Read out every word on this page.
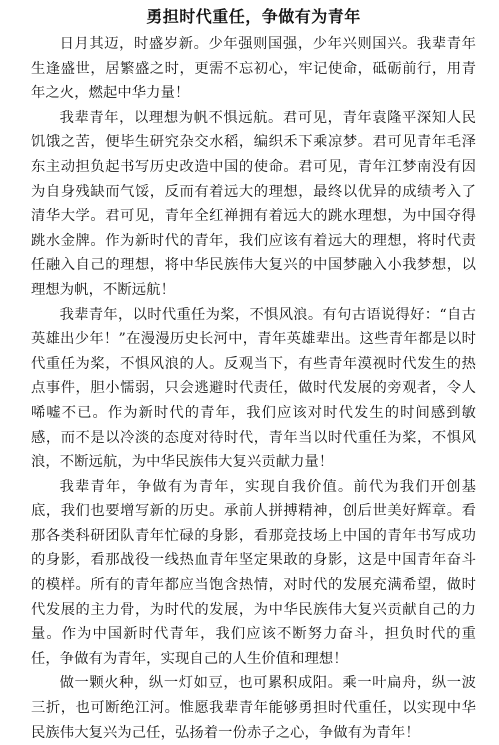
勇担时代重任，争做有为青年

日月其迈，时盛岁新。少年强则国强，少年兴则国兴。我辈青年生逢盛世，居繁盛之时，更需不忘初心，牢记使命，砥砺前行，用青年之火，燃起中华力量！

我辈青年，以理想为帆不惧远航。君可见，青年袁隆平深知人民饥饿之苦，便毕生研究杂交水稻，编织禾下乘凉梦。君可见青年毛泽东主动担负起书写历史改造中国的使命。君可见，青年江梦南没有因为自身残缺而气馁，反而有着远大的理想，最终以优异的成绩考入了清华大学。君可见，青年全红禅拥有着远大的跳水理想，为中国夺得跳水金牌。作为新时代的青年，我们应该有着远大的理想，将时代责任融入自己的理想，将中华民族伟大复兴的中国梦融入小我梦想，以理想为帆，不断远航！

我辈青年，以时代重任为桨，不惧风浪。有句古语说得好：“自古英雄出少年！”在漫漫历史长河中，青年英雄辈出。这些青年都是以时代重任为桨，不惧风浪的人。反观当下，有些青年漠视时代发生的热点事件，胆小懦弱，只会逃避时代责任，做时代发展的旁观者，令人唏嘘不已。作为新时代的青年，我们应该对时代发生的时间感到敏感，而不是以冷淡的态度对待时代，青年当以时代重任为桨，不惧风浪，不断远航，为中华民族伟大复兴贡献力量！

我辈青年，争做有为青年，实现自我价值。前代为我们开创基底，我们也要增写新的历史。承前人拼搏精神，创后世美好辉章。看那各类科研团队青年忙碌的身影，看那竞技场上中国的青年书写成功的身影，看那战役一线热血青年坚定果敢的身影，这是中国青年奋斗的模样。所有的青年都应当饱含热情，对时代的发展充满希望，做时代发展的主力骨，为时代的发展，为中华民族伟大复兴贡献自己的力量。作为中国新时代青年，我们应该不断努力奋斗，担负时代的重任，争做有为青年，实现自己的人生价值和理想！

做一颗火种，纵一灯如豆，也可累积成阳。乘一叶扁舟，纵一波三折，也可断绝江河。惟愿我辈青年能够勇担时代重任，以实现中华民族伟大复兴为己任，弘扬着一份赤子之心，争做有为青年！
